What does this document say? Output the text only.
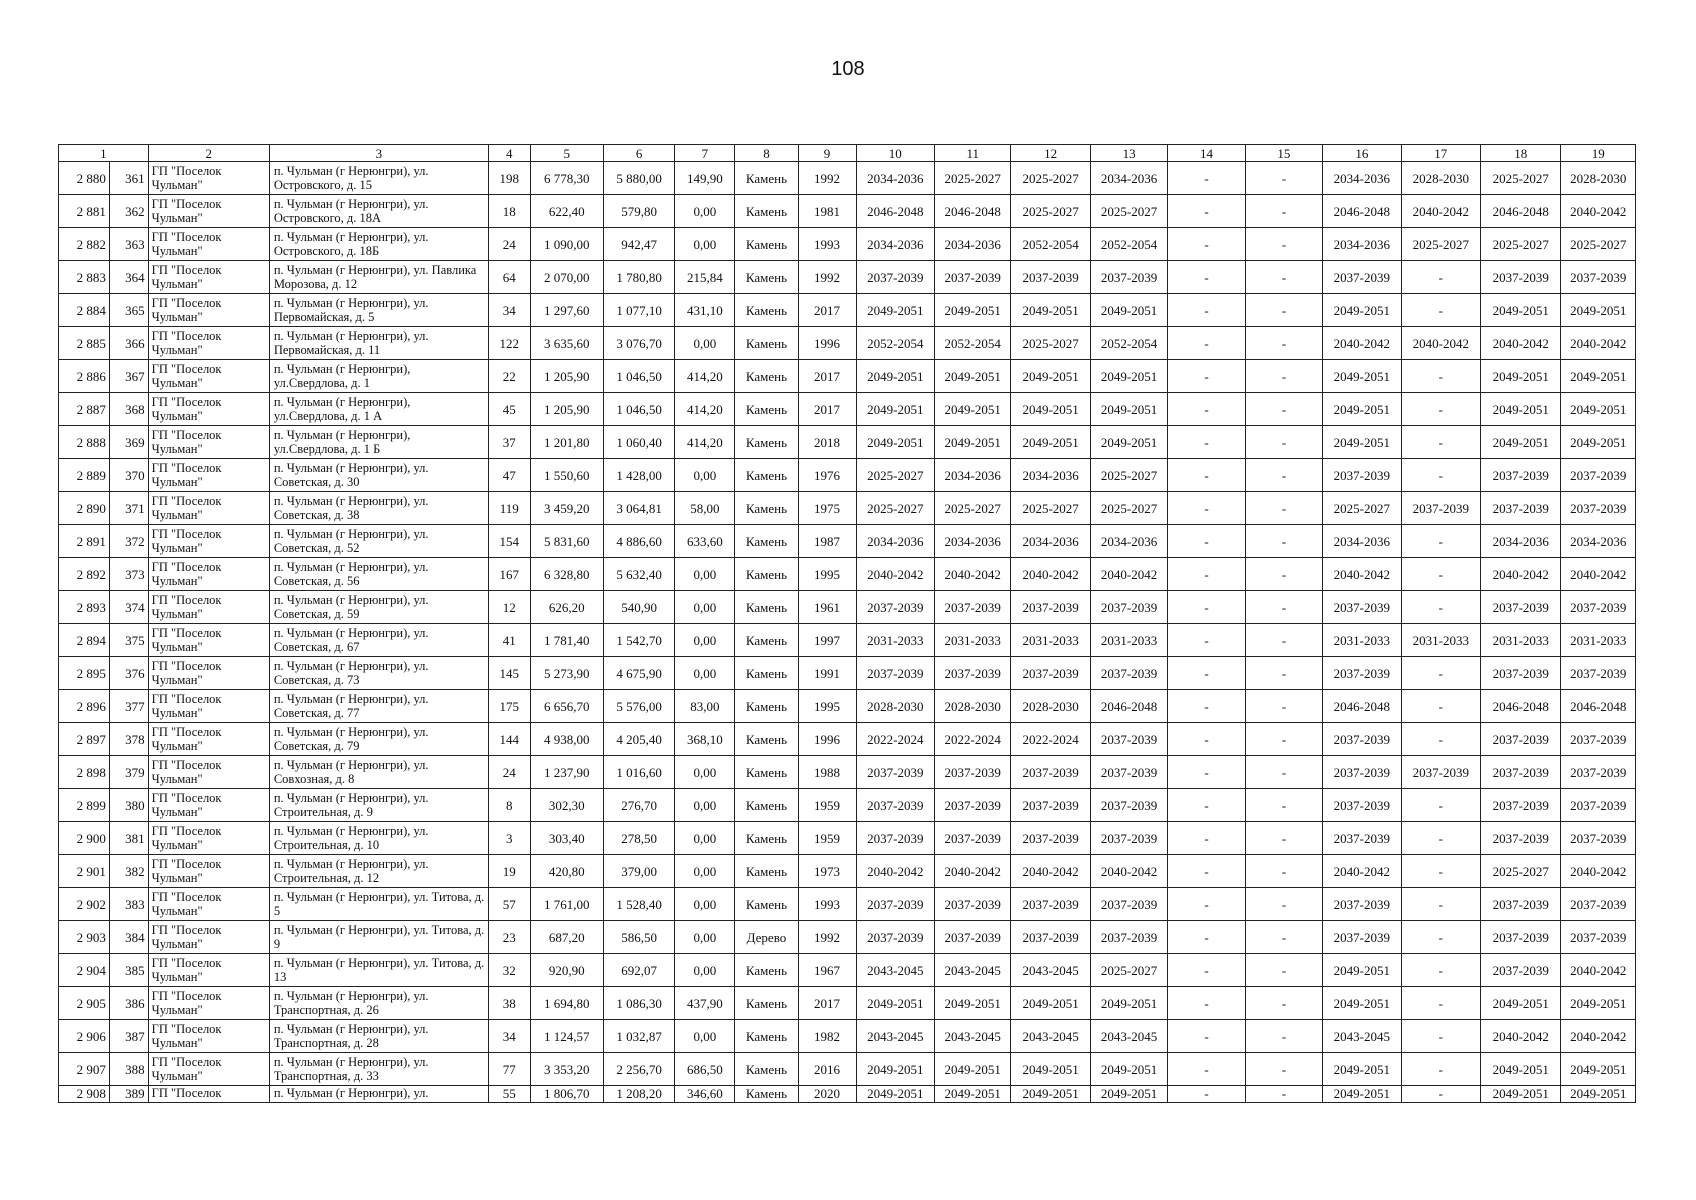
108
1		2	3	4	5	6	7	8	9	10	11	12	13	14	15	16	17	18	19
2 880	361	ГП "Поселок Чульман"	п. Чульман (г Нерюнгри), ул. Островского, д. 15	198	6 778,30	5 880,00	149,90	Камень	1992	2034-2036	2025-2027	2025-2027	2034-2036	-	-	2034-2036	2028-2030	2025-2027	2028-2030
2 881	362	ГП "Поселок Чульман"	п. Чульман (г Нерюнгри), ул. Островского, д. 18А	18	622,40	579,80	0,00	Камень	1981	2046-2048	2046-2048	2025-2027	2025-2027	-	-	2046-2048	2040-2042	2046-2048	2040-2042
2 882	363	ГП "Поселок Чульман"	п. Чульман (г Нерюнгри), ул. Островского, д. 18Б	24	1 090,00	942,47	0,00	Камень	1993	2034-2036	2034-2036	2052-2054	2052-2054	-	-	2034-2036	2025-2027	2025-2027	2025-2027
2 883	364	ГП "Поселок Чульман"	п. Чульман (г Нерюнгри), ул. Павлика Морозова, д. 12	64	2 070,00	1 780,80	215,84	Камень	1992	2037-2039	2037-2039	2037-2039	2037-2039	-	-	2037-2039	-	2037-2039	2037-2039
2 884	365	ГП "Поселок Чульман"	п. Чульман (г Нерюнгри), ул. Первомайская, д. 5	34	1 297,60	1 077,10	431,10	Камень	2017	2049-2051	2049-2051	2049-2051	2049-2051	-	-	2049-2051	-	2049-2051	2049-2051
2 885	366	ГП "Поселок Чульман"	п. Чульман (г Нерюнгри), ул. Первомайская, д. 11	122	3 635,60	3 076,70	0,00	Камень	1996	2052-2054	2052-2054	2025-2027	2052-2054	-	-	2040-2042	2040-2042	2040-2042	2040-2042
2 886	367	ГП "Поселок Чульман"	п. Чульман (г Нерюнгри), ул.Свердлова, д. 1	22	1 205,90	1 046,50	414,20	Камень	2017	2049-2051	2049-2051	2049-2051	2049-2051	-	-	2049-2051	-	2049-2051	2049-2051
2 887	368	ГП "Поселок Чульман"	п. Чульман (г Нерюнгри), ул.Свердлова, д. 1 А	45	1 205,90	1 046,50	414,20	Камень	2017	2049-2051	2049-2051	2049-2051	2049-2051	-	-	2049-2051	-	2049-2051	2049-2051
2 888	369	ГП "Поселок Чульман"	п. Чульман (г Нерюнгри), ул.Свердлова, д. 1 Б	37	1 201,80	1 060,40	414,20	Камень	2018	2049-2051	2049-2051	2049-2051	2049-2051	-	-	2049-2051	-	2049-2051	2049-2051
2 889	370	ГП "Поселок Чульман"	п. Чульман (г Нерюнгри), ул. Советская, д. 30	47	1 550,60	1 428,00	0,00	Камень	1976	2025-2027	2034-2036	2034-2036	2025-2027	-	-	2037-2039	-	2037-2039	2037-2039
2 890	371	ГП "Поселок Чульман"	п. Чульман (г Нерюнгри), ул. Советская, д. 38	119	3 459,20	3 064,81	58,00	Камень	1975	2025-2027	2025-2027	2025-2027	2025-2027	-	-	2025-2027	2037-2039	2037-2039	2037-2039
2 891	372	ГП "Поселок Чульман"	п. Чульман (г Нерюнгри), ул. Советская, д. 52	154	5 831,60	4 886,60	633,60	Камень	1987	2034-2036	2034-2036	2034-2036	2034-2036	-	-	2034-2036	-	2034-2036	2034-2036
2 892	373	ГП "Поселок Чульман"	п. Чульман (г Нерюнгри), ул. Советская, д. 56	167	6 328,80	5 632,40	0,00	Камень	1995	2040-2042	2040-2042	2040-2042	2040-2042	-	-	2040-2042	-	2040-2042	2040-2042
2 893	374	ГП "Поселок Чульман"	п. Чульман (г Нерюнгри), ул. Советская, д. 59	12	626,20	540,90	0,00	Камень	1961	2037-2039	2037-2039	2037-2039	2037-2039	-	-	2037-2039	-	2037-2039	2037-2039
2 894	375	ГП "Поселок Чульман"	п. Чульман (г Нерюнгри), ул. Советская, д. 67	41	1 781,40	1 542,70	0,00	Камень	1997	2031-2033	2031-2033	2031-2033	2031-2033	-	-	2031-2033	2031-2033	2031-2033	2031-2033
2 895	376	ГП "Поселок Чульман"	п. Чульман (г Нерюнгри), ул. Советская, д. 73	145	5 273,90	4 675,90	0,00	Камень	1991	2037-2039	2037-2039	2037-2039	2037-2039	-	-	2037-2039	-	2037-2039	2037-2039
2 896	377	ГП "Поселок Чульман"	п. Чульман (г Нерюнгри), ул. Советская, д. 77	175	6 656,70	5 576,00	83,00	Камень	1995	2028-2030	2028-2030	2028-2030	2046-2048	-	-	2046-2048	-	2046-2048	2046-2048
2 897	378	ГП "Поселок Чульман"	п. Чульман (г Нерюнгри), ул. Советская, д. 79	144	4 938,00	4 205,40	368,10	Камень	1996	2022-2024	2022-2024	2022-2024	2037-2039	-	-	2037-2039	-	2037-2039	2037-2039
2 898	379	ГП "Поселок Чульман"	п. Чульман (г Нерюнгри), ул. Совхозная, д. 8	24	1 237,90	1 016,60	0,00	Камень	1988	2037-2039	2037-2039	2037-2039	2037-2039	-	-	2037-2039	2037-2039	2037-2039	2037-2039
2 899	380	ГП "Поселок Чульман"	п. Чульман (г Нерюнгри), ул. Строительная, д. 9	8	302,30	276,70	0,00	Камень	1959	2037-2039	2037-2039	2037-2039	2037-2039	-	-	2037-2039	-	2037-2039	2037-2039
2 900	381	ГП "Поселок Чульман"	п. Чульман (г Нерюнгри), ул. Строительная, д. 10	3	303,40	278,50	0,00	Камень	1959	2037-2039	2037-2039	2037-2039	2037-2039	-	-	2037-2039	-	2037-2039	2037-2039
2 901	382	ГП "Поселок Чульман"	п. Чульман (г Нерюнгри), ул. Строительная, д. 12	19	420,80	379,00	0,00	Камень	1973	2040-2042	2040-2042	2040-2042	2040-2042	-	-	2040-2042	-	2025-2027	2040-2042
2 902	383	ГП "Поселок Чульман"	п. Чульман (г Нерюнгри), ул. Титова, д. 5	57	1 761,00	1 528,40	0,00	Камень	1993	2037-2039	2037-2039	2037-2039	2037-2039	-	-	2037-2039	-	2037-2039	2037-2039
2 903	384	ГП "Поселок Чульман"	п. Чульман (г Нерюнгри), ул. Титова, д. 9	23	687,20	586,50	0,00	Дерево	1992	2037-2039	2037-2039	2037-2039	2037-2039	-	-	2037-2039	-	2037-2039	2037-2039
2 904	385	ГП "Поселок Чульман"	п. Чульман (г Нерюнгри), ул. Титова, д. 13	32	920,90	692,07	0,00	Камень	1967	2043-2045	2043-2045	2043-2045	2025-2027	-	-	2049-2051	-	2037-2039	2040-2042
2 905	386	ГП "Поселок Чульман"	п. Чульман (г Нерюнгри), ул. Транспортная, д. 26	38	1 694,80	1 086,30	437,90	Камень	2017	2049-2051	2049-2051	2049-2051	2049-2051	-	-	2049-2051	-	2049-2051	2049-2051
2 906	387	ГП "Поселок Чульман"	п. Чульман (г Нерюнгри), ул. Транспортная, д. 28	34	1 124,57	1 032,87	0,00	Камень	1982	2043-2045	2043-2045	2043-2045	2043-2045	-	-	2043-2045	-	2040-2042	2040-2042
2 907	388	ГП "Поселок Чульман"	п. Чульман (г Нерюнгри), ул. Транспортная, д. 33	77	3 353,20	2 256,70	686,50	Камень	2016	2049-2051	2049-2051	2049-2051	2049-2051	-	-	2049-2051	-	2049-2051	2049-2051
2 908	389	ГП "Поселок	п. Чульман (г Нерюнгри), ул.	55	1 806,70	1 208,20	346,60	Камень	2020	2049-2051	2049-2051	2049-2051	2049-2051	-	-	2049-2051	-	2049-2051	2049-2051
